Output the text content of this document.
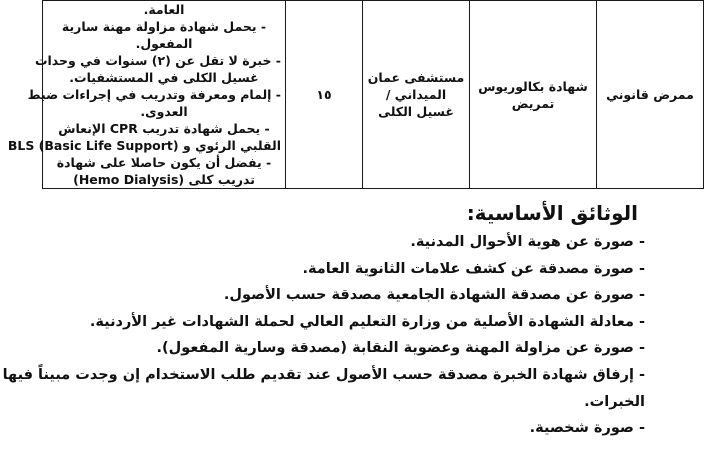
ممرض قانوني	شهادة بكالوريوس تمريض	مستشفى عمان الميداني / غسيل الكلى	١٥	
العامة.
- يحمل شهادة مزاولة مهنة سارية
المفعول.
- خبرة لا تقل عن (٢) سنوات في وحدات
غسيل الكلى في المستشفيات.
- إلمام ومعرفة وتدريب في إجراءات ضبط
العدوى.
- يحمل شهادة تدريب CPR الإنعاش
القلبي الرئوي و BLS (Basic Life Support)
- يفضل أن يكون حاصلا على شهادة
تدريب كلى (Hemo Dialysis)
الوثائق الأساسية:
- صورة عن هوية الأحوال المدنية.
- صورة مصدقة عن كشف علامات الثانوية العامة.
- صورة عن مصدقة الشهادة الجامعية مصدقة حسب الأصول.
- معادلة الشهادة الأصلية من وزارة التعليم العالي لحملة الشهادات غير الأردنية.
- صورة عن مزاولة المهنة وعضوية النقابة (مصدقة وسارية المفعول).
- إرفاق شهادة الخبرة مصدقة حسب الأصول عند تقديم طلب الاستخدام إن وجدت مبيناً فيها
الخبرات.
- صورة شخصية.
